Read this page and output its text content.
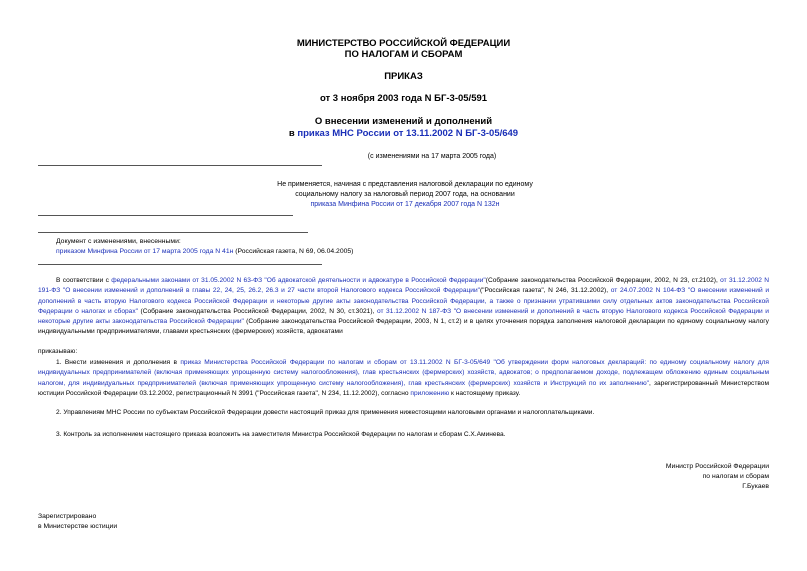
МИНИСТЕРСТВО РОССИЙСКОЙ ФЕДЕРАЦИИ
ПО НАЛОГАМ И СБОРАМ
ПРИКАЗ
от 3 ноября 2003 года N БГ-3-05/591
О внесении изменений и дополнений
в приказ МНС России от 13.11.2002 N БГ-3-05/649
(с изменениями на 17 марта 2005 года)
Не применяется, начиная с представления налоговой декларации по единому
социальному налогу за налоговый период 2007 года, на основании
приказа Минфина России от 17 декабря 2007 года N 132н
Документ с изменениями, внесенными:
приказом Минфина России от 17 марта 2005 года N 41н (Российская газета, N 69, 06.04.2005)
В соответствии с федеральными законами от 31.05.2002 N 63-ФЗ "Об адвокатской деятельности и адвокатуре в Российской Федерации"(Собрание законодательства Российской Федерации, 2002, N 23, ст.2102), от 31.12.2002 N 191-ФЗ "О внесении изменений и дополнений в главы 22, 24, 25, 26.2, 26.3 и 27 части второй Налогового кодекса Российской Федерации"("Российская газета", N 246, 31.12.2002), от 24.07.2002 N 104-ФЗ "О внесении изменений и дополнений в часть вторую Налогового кодекса Российской Федерации и некоторые другие акты законодательства Российской Федерации, а также о признании утратившими силу отдельных актов законодательства Российской Федерации о налогах и сборах" (Собрание законодательства Российской Федерации, 2002, N 30, ст.3021), от 31.12.2002 N 187-ФЗ "О внесении изменений и дополнений в часть вторую Налогового кодекса Российской Федерации и некоторые другие акты законодательства Российской Федерации" (Собрание законодательства Российской Федерации, 2003, N 1, ст.2) и в целях уточнения порядка заполнения налоговой декларации по единому социальному налогу индивидуальными предпринимателями, главами крестьянских (фермерских) хозяйств, адвокатами
приказываю:
1. Внести изменения и дополнения в приказ Министерства Российской Федерации по налогам и сборам от 13.11.2002 N БГ-3-05/649 "Об утверждении форм налоговых деклараций: по единому социальному налогу для индивидуальных предпринимателей (включая применяющих упрощенную систему налогообложения), глав крестьянских (фермерских) хозяйств, адвокатов; о предполагаемом доходе, подлежащем обложению единым социальным налогом, для индивидуальных предпринимателей (включая применяющих упрощенную систему налогообложения), глав крестьянских (фермерских) хозяйств и Инструкций по их заполнению", зарегистрированный Министерством юстиции Российской Федерации 03.12.2002, регистрационный N 3991 ("Российская газета", N 234, 11.12.2002), согласно приложению к настоящему приказу.
2. Управлениям МНС России по субъектам Российской Федерации довести настоящий приказ для применения нижестоящими налоговыми органами и налогоплательщиками.
3. Контроль за исполнением настоящего приказа возложить на заместителя Министра Российской Федерации по налогам и сборам С.Х.Аминева.
Министр Российской Федерации
по налогам и сборам
Г.Букаев
Зарегистрировано
в Министерстве юстиции
